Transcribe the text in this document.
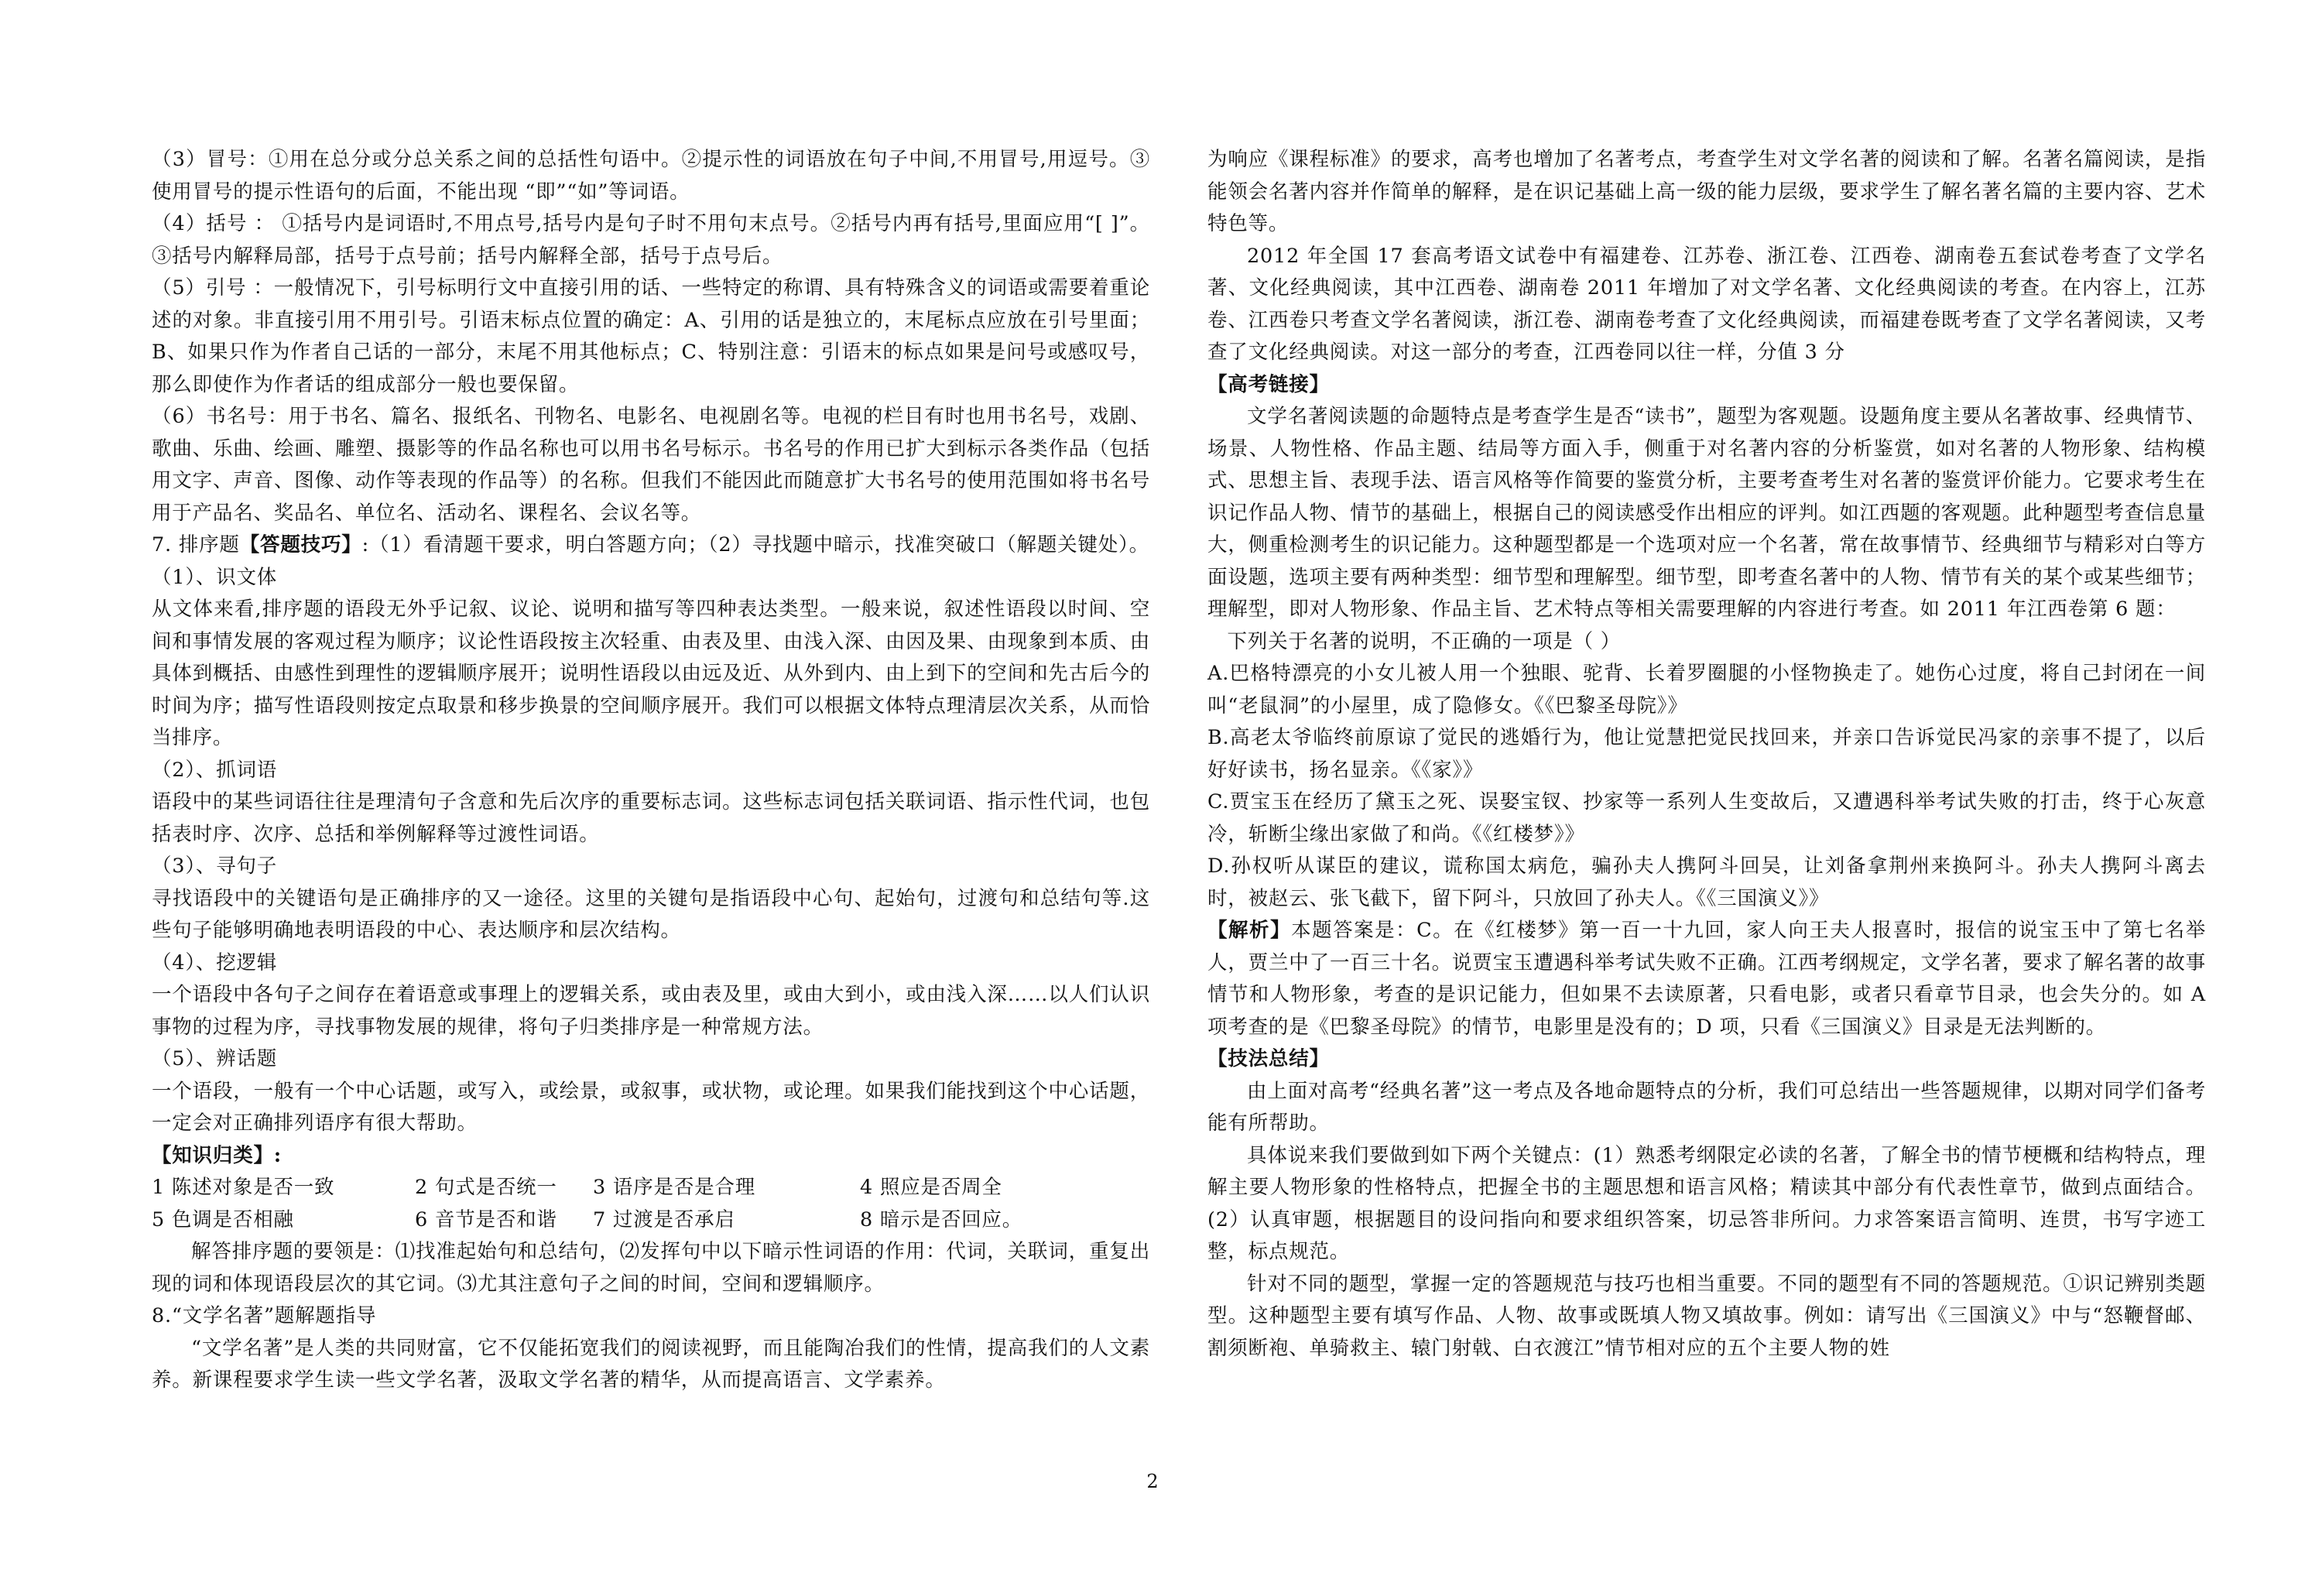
（3）冒号：①用在总分或分总关系之间的总括性句语中。②提示性的词语放在句子中间,不用冒号,用逗号。③使用冒号的提示性语句的后面，不能出现 “即”“如”等词语。

（4）括号 ： ①括号内是词语时,不用点号,括号内是句子时不用句末点号。②括号内再有括号,里面应用“[ ]”。③括号内解释局部，括号于点号前；括号内解释全部，括号于点号后。

（5）引号 ：一般情况下，引号标明行文中直接引用的话、一些特定的称谓、具有特殊含义的词语或需要着重论述的对象。非直接引用不用引号。引语末标点位置的确定：A、引用的话是独立的，末尾标点应放在引号里面；B、如果只作为作者自己话的一部分，末尾不用其他标点；C、特别注意：引语末的标点如果是问号或感叹号，那么即使作为作者话的组成部分一般也要保留。

（6）书名号：用于书名、篇名、报纸名、刊物名、电影名、电视剧名等。电视的栏目有时也用书名号，戏剧、歌曲、乐曲、绘画、雕塑、摄影等的作品名称也可以用书名号标示。书名号的作用已扩大到标示各类作品（包括用文字、声音、图像、动作等表现的作品等）的名称。但我们不能因此而随意扩大书名号的使用范围如将书名号用于产品名、奖品名、单位名、活动名、课程名、会议名等。

7. 排序题【答题技巧】:（1）看清题干要求，明白答题方向；（2）寻找题中暗示，找准突破口（解题关键处）。

（1）、识文体

从文体来看,排序题的语段无外乎记叙、议论、说明和描写等四种表达类型。一般来说，叙述性语段以时间、空间和事情发展的客观过程为顺序；议论性语段按主次轻重、由表及里、由浅入深、由因及果、由现象到本质、由具体到概括、由感性到理性的逻辑顺序展开；说明性语段以由远及近、从外到内、由上到下的空间和先古后今的时间为序；描写性语段则按定点取景和移步换景的空间顺序展开。我们可以根据文体特点理清层次关系，从而恰当排序。

（2）、抓词语

语段中的某些词语往往是理清句子含意和先后次序的重要标志词。这些标志词包括关联词语、指示性代词，也包括表时序、次序、总括和举例解释等过渡性词语。

（3）、寻句子

寻找语段中的关键语句是正确排序的又一途径。这里的关键句是指语段中心句、起始句，过渡句和总结句等.这些句子能够明确地表明语段的中心、表达顺序和层次结构。

（4）、挖逻辑

一个语段中各句子之间存在着语意或事理上的逻辑关系，或由表及里，或由大到小，或由浅入深……以人们认识事物的过程为序，寻找事物发展的规律，将句子归类排序是一种常规方法。

（5）、辨话题

一个语段，一般有一个中心话题，或写入，或绘景，或叙事，或状物，或论理。如果我们能找到这个中心话题，一定会对正确排列语序有很大帮助。

【知识归类】:

1 陈述对象是否一致	2 句式是否统一	3 语序是否是合理	4 照应是否周全
5 色调是否相融	6 音节是否和谐	7 过渡是否承启	8 暗示是否回应。

解答排序题的要领是：⑴找准起始句和总结句，⑵发挥句中以下暗示性词语的作用：代词，关联词，重复出现的词和体现语段层次的其它词。⑶尤其注意句子之间的时间，空间和逻辑顺序。

8.“文学名著”题解题指导

“文学名著”是人类的共同财富，它不仅能拓宽我们的阅读视野，而且能陶冶我们的性情，提高我们的人文素养。新课程要求学生读一些文学名著，汲取文学名著的精华，从而提高语言、文学素养。

为响应《课程标准》的要求，高考也增加了名著考点，考查学生对文学名著的阅读和了解。名著名篇阅读，是指能领会名著内容并作简单的解释，是在识记基础上高一级的能力层级，要求学生了解名著名篇的主要内容、艺术特色等。

2012 年全国 17 套高考语文试卷中有福建卷、江苏卷、浙江卷、江西卷、湖南卷五套试卷考查了文学名著、文化经典阅读，其中江西卷、湖南卷 2011 年增加了对文学名著、文化经典阅读的考查。在内容上，江苏卷、江西卷只考查文学名著阅读，浙江卷、湖南卷考查了文化经典阅读，而福建卷既考查了文学名著阅读，又考查了文化经典阅读。对这一部分的考查，江西卷同以往一样，分值 3 分

【高考链接】

文学名著阅读题的命题特点是考查学生是否“读书”，题型为客观题。设题角度主要从名著故事、经典情节、场景、人物性格、作品主题、结局等方面入手，侧重于对名著内容的分析鉴赏，如对名著的人物形象、结构模式、思想主旨、表现手法、语言风格等作简要的鉴赏分析，主要考查考生对名著的鉴赏评价能力。它要求考生在识记作品人物、情节的基础上，根据自己的阅读感受作出相应的评判。如江西题的客观题。此种题型考查信息量大，侧重检测考生的识记能力。这种题型都是一个选项对应一个名著，常在故事情节、经典细节与精彩对白等方面设题，选项主要有两种类型：细节型和理解型。细节型，即考查名著中的人物、情节有关的某个或某些细节；理解型，即对人物形象、作品主旨、艺术特点等相关需要理解的内容进行考查。如 2011 年江西卷第 6 题：

下列关于名著的说明，不正确的一项是（ ）

A.巴格特漂亮的小女儿被人用一个独眼、驼背、长着罗圈腿的小怪物换走了。她伤心过度，将自己封闭在一间叫“老鼠洞”的小屋里，成了隐修女。《《巴黎圣母院》》

B.高老太爷临终前原谅了觉民的逃婚行为，他让觉慧把觉民找回来，并亲口告诉觉民冯家的亲事不提了，以后好好读书，扬名显亲。《《家》》

C.贾宝玉在经历了黛玉之死、误娶宝钗、抄家等一系列人生变故后，又遭遇科举考试失败的打击，终于心灰意冷，斩断尘缘出家做了和尚。《《红楼梦》》

D.孙权听从谋臣的建议，谎称国太病危，骗孙夫人携阿斗回吴，让刘备拿荆州来换阿斗。孙夫人携阿斗离去时，被赵云、张飞截下，留下阿斗，只放回了孙夫人。《《三国演义》》

【解析】本题答案是：C。在《红楼梦》第一百一十九回，家人向王夫人报喜时，报信的说宝玉中了第七名举人，贾兰中了一百三十名。说贾宝玉遭遇科举考试失败不正确。江西考纲规定，文学名著，要求了解名著的故事情节和人物形象，考查的是识记能力，但如果不去读原著，只看电影，或者只看章节目录，也会失分的。如 A 项考查的是《巴黎圣母院》的情节，电影里是没有的；D 项，只看《三国演义》目录是无法判断的。

【技法总结】

由上面对高考“经典名著”这一考点及各地命题特点的分析，我们可总结出一些答题规律，以期对同学们备考能有所帮助。

具体说来我们要做到如下两个关键点：(1）熟悉考纲限定必读的名著，了解全书的情节梗概和结构特点，理解主要人物形象的性格特点，把握全书的主题思想和语言风格；精读其中部分有代表性章节，做到点面结合。(2）认真审题，根据题目的设问指向和要求组织答案，切忌答非所问。力求答案语言简明、连贯，书写字迹工整，标点规范。

针对不同的题型，掌握一定的答题规范与技巧也相当重要。不同的题型有不同的答题规范。①识记辨别类题型。这种题型主要有填写作品、人物、故事或既填人物又填故事。例如：请写出《三国演义》中与“怒鞭督邮、割须断袍、单骑救主、辕门射戟、白衣渡江”情节相对应的五个主要人物的姓

2
